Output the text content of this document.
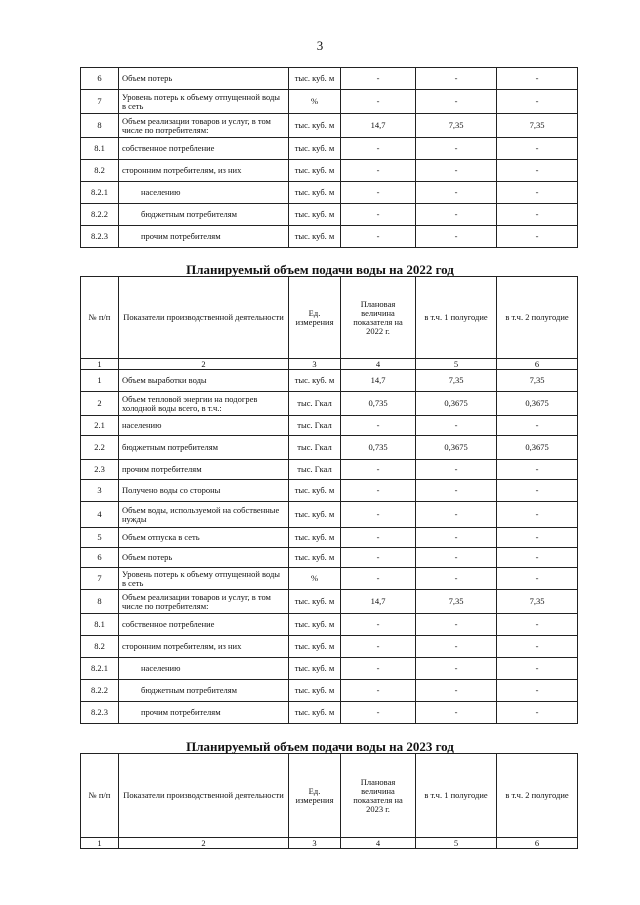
3
6	Объем потерь	тыс. куб. м	-	-	-
7	Уровень потерь к объему отпущенной воды в сеть	%	-	-	-
8	Объем реализации товаров и услуг, в том числе по потребителям:	тыс. куб. м	14,7	7,35	7,35
8.1	собственное потребление	тыс. куб. м	-	-	-
8.2	сторонним потребителям, из них	тыс. куб. м	-	-	-
8.2.1	населению	тыс. куб. м	-	-	-
8.2.2	бюджетным потребителям	тыс. куб. м	-	-	-
8.2.3	прочим потребителям	тыс. куб. м	-	-	-
Планируемый объем подачи воды на 2022 год
№ п/п	Показатели производственной деятельности	Ед. измерения	Плановая величина показателя на 2022 г.	в т.ч. 1 полугодие	в т.ч. 2 полугодие
1	2	3	4	5	6
1	Объем выработки воды	тыс. куб. м	14,7	7,35	7,35
2	Объем тепловой энергии на подогрев холодной воды всего, в т.ч.:	тыс. Гкал	0,735	0,3675	0,3675
2.1	населению	тыс. Гкал	-	-	-
2.2	бюджетным потребителям	тыс. Гкал	0,735	0,3675	0,3675
2.3	прочим потребителям	тыс. Гкал	-	-	-
3	Получено воды со стороны	тыс. куб. м	-	-	-
4	Объем воды, используемой на собственные нужды	тыс. куб. м	-	-	-
5	Объем отпуска в сеть	тыс. куб. м	-	-	-
6	Объем потерь	тыс. куб. м	-	-	-
7	Уровень потерь к объему отпущенной воды в сеть	%	-	-	-
8	Объем реализации товаров и услуг, в том числе по потребителям:	тыс. куб. м	14,7	7,35	7,35
8.1	собственное потребление	тыс. куб. м	-	-	-
8.2	сторонним потребителям, из них	тыс. куб. м	-	-	-
8.2.1	населению	тыс. куб. м	-	-	-
8.2.2	бюджетным потребителям	тыс. куб. м	-	-	-
8.2.3	прочим потребителям	тыс. куб. м	-	-	-
Планируемый объем подачи воды на 2023 год
№ п/п	Показатели производственной деятельности	Ед. измерения	Плановая величина показателя на 2023 г.	в т.ч. 1 полугодие	в т.ч. 2 полугодие
1	2	3	4	5	6
